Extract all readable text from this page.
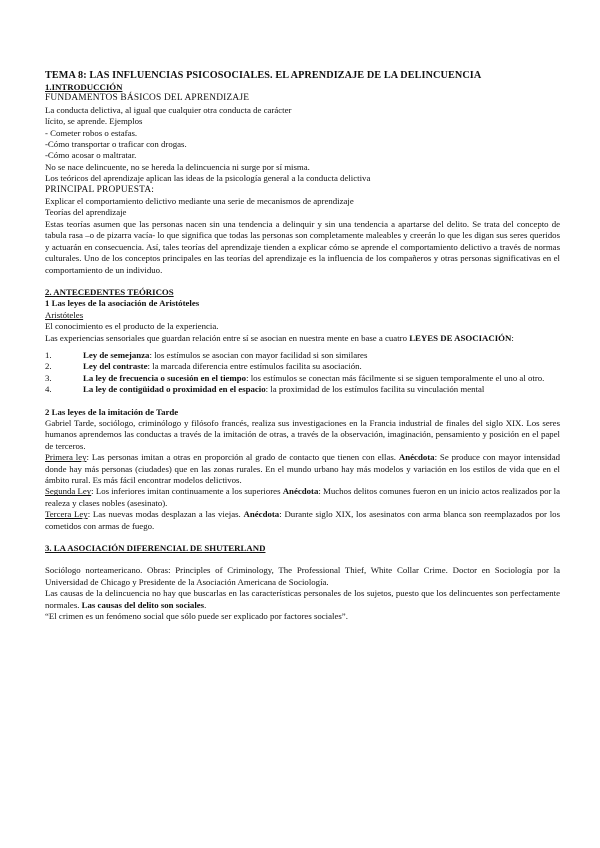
TEMA 8: LAS INFLUENCIAS PSICOSOCIALES. EL APRENDIZAJE DE LA DELINCUENCIA

1.INTRODUCCIÓN

FUNDAMENTOS BÁSICOS DEL APRENDIZAJE

La conducta delictiva, al igual que cualquier otra conducta de carácter

lícito, se aprende. Ejemplos

- Cometer robos o estafas.

-Cómo transportar o traficar con drogas.

-Cómo acosar o maltratar.

No se nace delincuente, no se hereda la delincuencia ni surge por sí misma.

Los teóricos del aprendizaje aplican las ideas de la psicología general a la conducta delictiva

PRINCIPAL PROPUESTA:

Explicar el comportamiento delictivo mediante una serie de mecanismos de aprendizaje

Teorías del aprendizaje

Estas teorías asumen que las personas nacen sin una tendencia a delinquir y sin una tendencia a apartarse del delito. Se trata del concepto de tabula rasa –o de pizarra vacía- lo que significa que todas las personas son completamente maleables y creerán lo que les digan sus seres queridos y actuarán en consecuencia. Así, tales teorías del aprendizaje tienden a explicar cómo se aprende el comportamiento delictivo a través de normas culturales. Uno de los conceptos principales en las teorías del aprendizaje es la influencia de los compañeros y otras personas significativas en el comportamiento de un individuo.

2. ANTECEDENTES TEÓRICOS

1 Las leyes de la asociación de Aristóteles

Aristóteles

El conocimiento es el producto de la experiencia.

Las experiencias sensoriales que guardan relación entre sí se asocian en nuestra mente en base a cuatro LEYES DE ASOCIACIÓN:

1.	Ley de semejanza: los estímulos se asocian con mayor facilidad si son similares
2.	Ley del contraste: la marcada diferencia entre estímulos facilita su asociación.
3.	La ley de frecuencia o sucesión en el tiempo: los estímulos se conectan más fácilmente si se siguen temporalmente el uno al otro.
4.	La ley de contigüidad o proximidad en el espacio: la proximidad de los estímulos facilita su vinculación mental

2 Las leyes de la imitación de Tarde

Gabriel Tarde, sociólogo, criminólogo y filósofo francés, realiza sus investigaciones en la Francia industrial de finales del siglo XIX. Los seres humanos aprendemos las conductas a través de la imitación de otras, a través de la observación, imaginación, pensamiento y posición en el papel de terceros.

Primera ley: Las personas imitan a otras en proporción al grado de contacto que tienen con ellas. Anécdota: Se produce con mayor intensidad donde hay más personas (ciudades) que en las zonas rurales. En el mundo urbano hay más modelos y variación en los estilos de vida que en el ámbito rural. Es más fácil encontrar modelos delictivos.

Segunda Ley: Los inferiores imitan continuamente a los superiores Anécdota: Muchos delitos comunes fueron en un inicio actos realizados por la realeza y clases nobles (asesinato).

Tercera Ley: Las nuevas modas desplazan a las viejas. Anécdota: Durante siglo XIX, los asesinatos con arma blanca son reemplazados por los cometidos con armas de fuego.

3. LA ASOCIACIÓN DIFERENCIAL DE SHUTERLAND

Sociólogo norteamericano. Obras: Principles of Criminology, The Professional Thief, White Collar Crime. Doctor en Sociología por la Universidad de Chicago y Presidente de la Asociación Americana de Sociología.

Las causas de la delincuencia no hay que buscarlas en las características personales de los sujetos, puesto que los delincuentes son perfectamente normales. Las causas del delito son sociales.

“El crimen es un fenómeno social que sólo puede ser explicado por factores sociales”.
